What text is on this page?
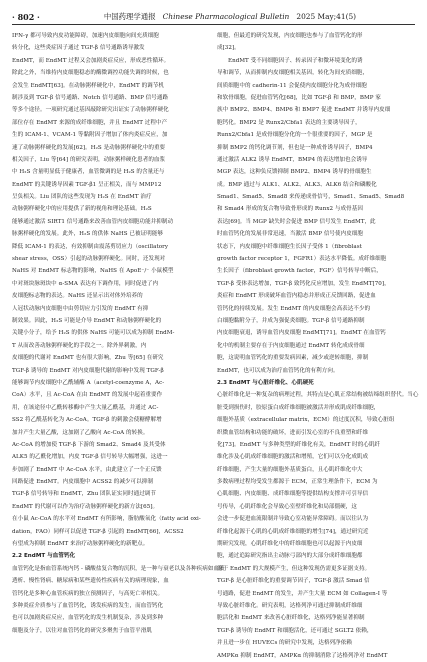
· 802 ·	中国药理学通报 Chinese Pharmacological Bulletin 2025 May;41(5)
IFN-γ 都可导致内皮功能障碍，加速内皮细胞向间充质细胞
转分化，这些炎症因子通过 TGF-β 信号通路诱导激发
EndMT，而 EndMT 过程又会加剧炎症反应，形成恶性循环。
除此之外，当维持内皮细胞稳态的酶微调控功能失调的时候，也
会发生 EndMT[63]。在动脉粥样硬化中，EndMT 的调节机
制涉及到 TGF-β 信号通路、Notch 信号通路、BMP 信号通路
等多个途径。一项研究通过基因敲除研究出证实了动脉粥样硬化
部位存在 EndMT 来源的成纤维细胞，并且 EndMT 过程中产
生的 ICAM-1、VCAM-1 等黏附因子增加了体内炎症反应，加
速了动脉粥样硬化的发展[62]。H₂S 是动脉粥样硬化中的重要
相关因子，Liu 等[64] 的研究表明，动脉粥样硬化患者的血浆
中 H₂S 含量明显低于健康者，血管微调的是 H₂S 的含量还与
EndMT 的关键诱导因素 TGF-β1 呈正相关，而与 MMP12
呈负相关。Liu 团队的这些发现为 H₂S 在 EndMT 治疗
动脉粥样硬化中的应用提供了新的视角和理论基础。H₂S
能够通过激活 SIRT1 信号通路来改善血管内皮细胞功能并抑制动
脉粥样硬化的发展。此外，H₂S 的供体 NaHS 已被证明能够
降低 ICAM-1 的表达，有效抑制由震荡剪切应力（oscillatory
shear stress，OSS）引起的动脉粥样硬化。同时，还发现对
NaHS 对 EndMT 标志物的影响，NaHS 在 ApoE⁻/⁻ 小鼠模型
中对斑块脉斑块中 α-SMA 表达有下调作用，同时促进了内
皮细胞标志物的表达。NaHS 还显示出对体外培养的
人冠状动脉内皮细胞中由剪切应力引发的 EndMT 有抑
制效果。因此，H₂S 可能是介导 EndMT 和动脉粥样硬化的
关键小分子，给予 H₂S 的供体 NaHS 可能可以成为抑制 EndM-
T 从而改善动脉粥样硬化的手段之一。除外界刺激，内
皮细胞的代谢对 EndMT 也有很大影响，Zhu 等[65] 在研究
TGF-β 诱导的 EndMT 对内皮细胞代谢的影响中发现 TGF-β
能够调节内皮细胞中乙酰辅酶 A（acetyl-coenzyme A，Ac-
CoA）水平，且 Ac-CoA 在由 EndMT 的发展中起着重要作
用，在该途径中乙酰转移酶中产生大量乙酰基，并通过 AC-
SS2 将乙酰基转化为 Ac-CoA。TGF-β 的刺激会使糖酵解增
加并产生大量乙酸，这加剧了乙酸向 Ac-CoA 的转换。
Ac-CoA 的增加使 TGF-β 下游的 Smad2、Smad4 及其受体
ALK5 的乙酰化增加，内皮 TGF-β 信号转导大幅增强，这进一
步加剧了 EndMT 中 Ac-CoA 水平，由此建立了一个正反馈
回路促进 EndMT。内皮细胞中 ACSS2 的减少可以抑制
TGF-β 信号转导和 EndMT，Zhu 团队证实同时通过调节
EndMT 的代谢可以作为治疗动脉粥样硬化的新方法[65]。
在小鼠 Ac-CoA 的水平对 EndMT 有所影响，脂肪酸氧化（fatty acid oxi-
dation，FAO）同样可以促进 TGF-β 引起的 EndMT[66]，ACSS2
有望成为抑制 EndMT 来治疗动脉粥样硬化的新靶点。
2.2 EndMT 与血管钙化
血管钙化是指血管系统内钙 - 磷酸盐复合物的沉积，是一种与衰老以及各种疾病如血液
透析、慢性肾病、糖尿病和某些遗传性疾病有关的病理现象，血
管钙化是多种心血管疾病的独立预测因子，与高死亡率相关。
多种炎症介质参与了血管钙化，诱发疾病的发生，而血管钙化
也可以加剧炎症反应，血管钙化的发生机制复杂，涉及到多种
细胞及分子，以往对血管钙化的研究多聚焦于血管平滑肌
细胞，但最近的研究发现，内皮细胞也参与了血管钙化的形
成[32]。
EndMT 受不同细胞因子、转录因子和微环境变化的诱
导和调节，从而抑制内皮细胞相关基因，转化为间充质细胞，
间质细胞中的 cadherin-11 会促使内皮细胞分化为成骨细胞
和软骨细胞，促进血管钙化[68]，比如 TGF-β 和 BMP，BMP 家
族中 BMP2、BMP4、BMP6 和 BMP7 促进 EndMT 并诱导内皮细
胞钙化。BMP2 是 Runx2/Cbfa1 表达的主要诱导因子，
Runx2/Cbfa1 是成骨细胞分化的一个很重要的因子，MGP 是
抑制 BMP2 的钙化调节剂，但也是一种成骨诱导因子，BMP4
通过激活 ALK2 诱导 EndMT，BMP4 的表达增加也会诱导
MGP 表达，这种负反馈抑制 BMP2、BMP4 诱导的骨细胞生
成。BMP 通过与 ALK1、ALK2、ALK3、ALK6 结合和磷酸化
Smad1、Smad5、Smad8 来传递成骨信号，Smad1、Smad5、Smad8
和 Smad4 形成的复合物导致骨形成的 Runx2 与成骨基因
表达[69]。当 MGP 缺失时会促进 BMP 信号发生 EndMT，此
时血管钙化的发展非常迅速，当激活 BMP 信号使内皮细胞
状态下，内皮细胞中纤维细胞生长因子受体 1（fibroblast
growth factor receptor 1，FGFR1）表达水平降低。成纤维细胞
生长因子（fibroblast growth factor，FGF）信号转导中断后，
TGF-β 受体表达增加，TGF-β 致钙化反应增加，发生 EndMT[70]，
炎症和 EndMT 形成破坏血管内稳态并形成正反馈回路，促进血
管钙化的持续发展。发生 EndMT 的内皮细胞会高表达不少的
白细胞黏附分子，并成为强促炎细胞。TGF-β 信号通路抑制
内皮细胞衰退，诱导血管内皮细胞 EndMT[71]。EndMT 在血管钙
化中的机制主要存在于内皮细胞通过 EndMT 转化成成骨细
胞，这说明血管钙化的重要发病因素，减少或逆转细胞，抑制
EndMT，也可以成为治疗血管钙化的有利方向。
2.3 EndMT 与心脏纤维化、心肌硬死
心脏纤维化是一种复杂的病理过程，其特点是心肌正常结构被结缔组织替代。当心
脏受到损伤时，胶原蛋白成纤维细胞被激活并形成肌成纤维细胞，
细胞外基质（extracellular matrix，ECM）的过度沉积，导致心脏组
织微血管结构和功能的破坏，进而引发心室的不良重塑和纤维
化[73]。EndMT 与多种类型的纤维化有关，EndMT 时的心肌纤
维化涉及心肌成纤维细胞的激活和增殖，它们可以分化成肌成
纤维细胞，产生大量的细胞外基质蛋白，且心肌纤维化中大
多数病理过程均受发生都源于 ECM，正常生理条件下，ECM 为
心肌细胞、内皮细胞、成纤维细胞等提供结构支撑并可引导信
号传导，心肌纤维化会导致心室壁纤维化和局部僵硬，这
会进一步促进血流限制并导致心室功能异常障碍。而以往认为
纤维化起源于心肌的心肌成纤维细胞的增生[74]，通过研究近
期研究发现，心肌纤维化中的纤维细胞也可以起源于内皮细
胞，通过追踪研究指出主动脉弓部内的大部分成纤维细胞都
源于 EndMT 的大规模产生，但这种发现仍需更多证据支持。
TGF-β 是心脏纤维化的重要调节因子，TGF-β 激活 Smad 信
号通路，促进 EndMT 的发生，并产生大量 ECM 如 Collagen-I 等
导致心脏纤维化。研究表明，达格列净可通过抑制成纤维细
胞活化和 EndMT 来改善心脏纤维化，达格列净能显著抑制
TGF-β 诱导的 EndMT 和细胞活化，还可通过 SGLT2 依赖，
并且进一步在 HUVECs 的研究中发现，达格列净依赖
AMPKα 抑制 EndMT，AMPKα 的抑制消除了达格列净对 EndMT
